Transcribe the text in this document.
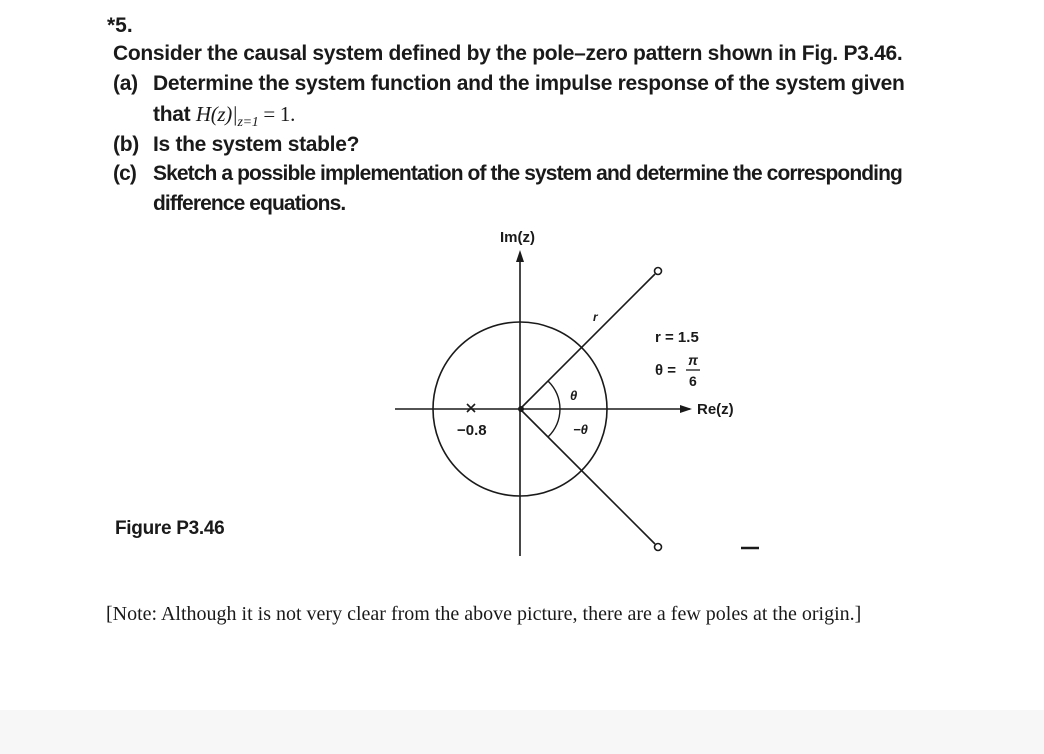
*5.
Consider the causal system defined by the pole–zero pattern shown in Fig. P3.46.
(a) Determine the system function and the impulse response of the system given
that $H(z)|_{z=1} = 1$.
(b) Is the system stable?
(c) Sketch a possible implementation of the system and determine the corresponding
difference equations.
Im(z)
Re(z)
−0.8
r
r = 1.5
θ =
π
6
θ
−θ
Figure P3.46
[Note: Although it is not very clear from the above picture, there are a few poles at the origin.]
